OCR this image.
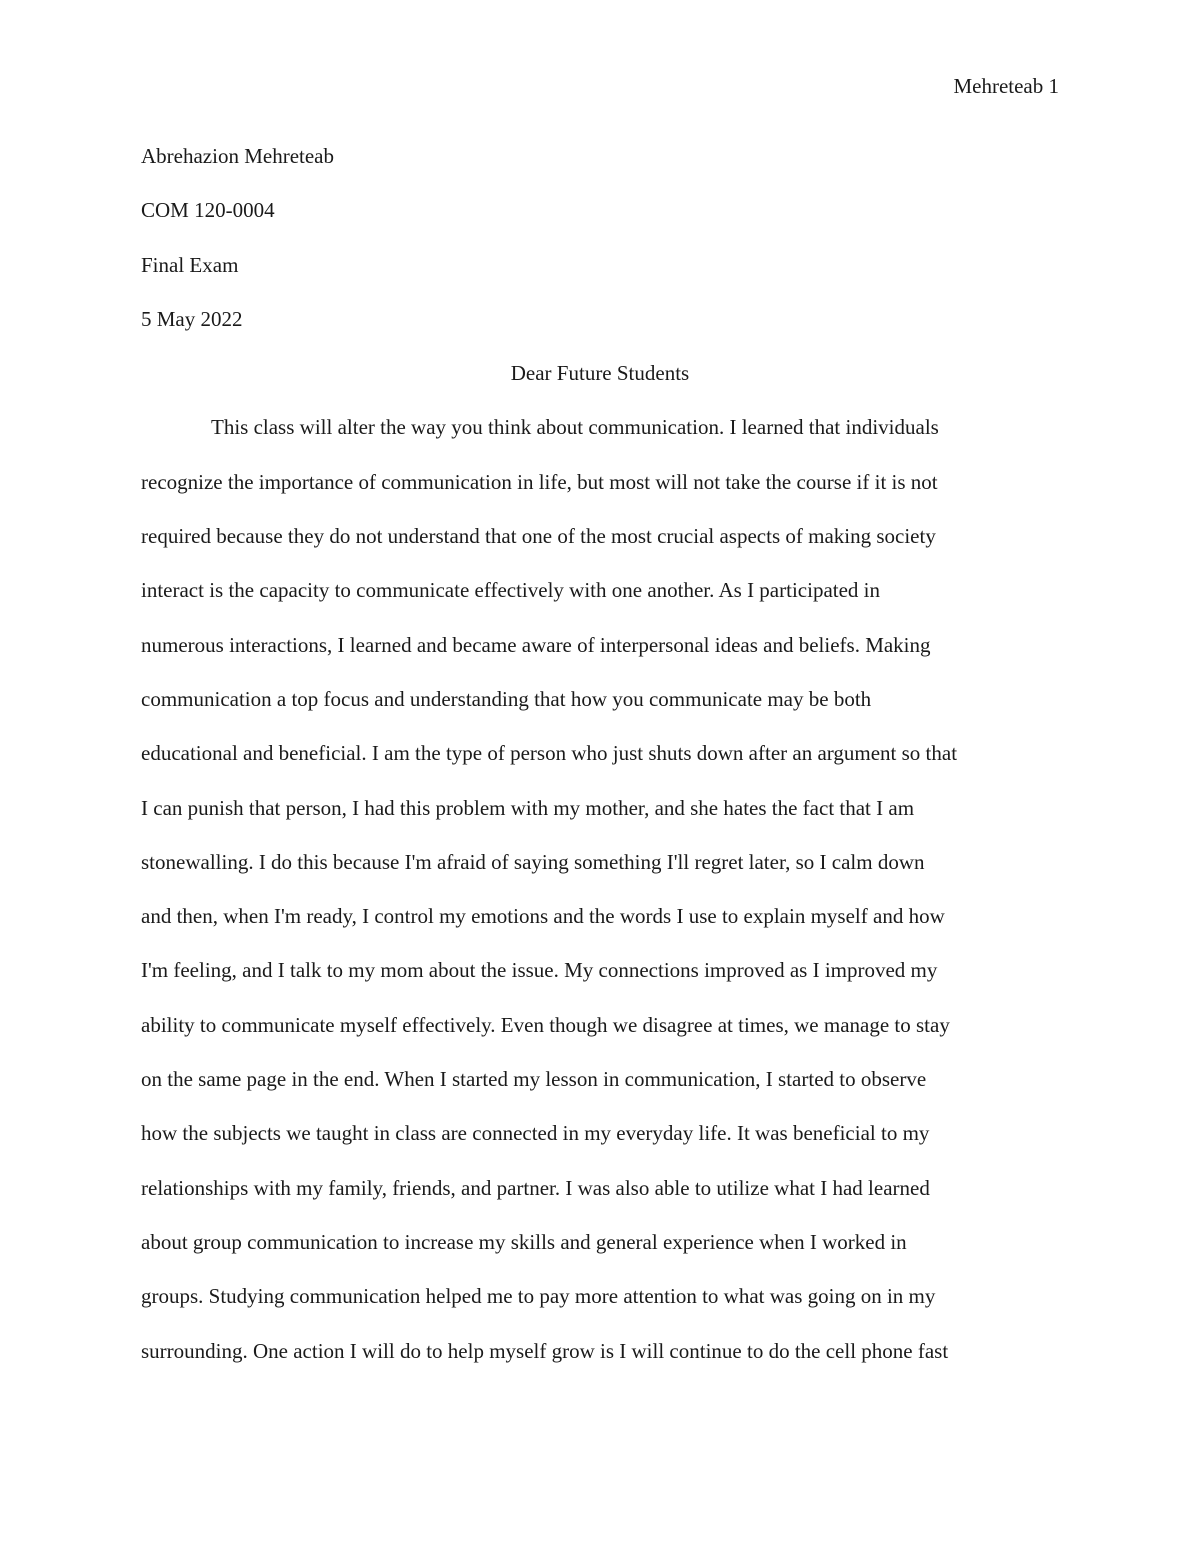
Mehreteab 1
Abrehazion Mehreteab
COM 120-0004
Final Exam
5 May 2022
Dear Future Students
This class will alter the way you think about communication. I learned that individuals
recognize the importance of communication in life, but most will not take the course if it is not
required because they do not understand that one of the most crucial aspects of making society
interact is the capacity to communicate effectively with one another. As I participated in
numerous interactions, I learned and became aware of interpersonal ideas and beliefs. Making
communication a top focus and understanding that how you communicate may be both
educational and beneficial. I am the type of person who just shuts down after an argument so that
I can punish that person, I had this problem with my mother, and she hates the fact that I am
stonewalling. I do this because I'm afraid of saying something I'll regret later, so I calm down
and then, when I'm ready, I control my emotions and the words I use to explain myself and how
I'm feeling, and I talk to my mom about the issue. My connections improved as I improved my
ability to communicate myself effectively. Even though we disagree at times, we manage to stay
on the same page in the end. When I started my lesson in communication, I started to observe
how the subjects we taught in class are connected in my everyday life. It was beneficial to my
relationships with my family, friends, and partner. I was also able to utilize what I had learned
about group communication to increase my skills and general experience when I worked in
groups. Studying communication helped me to pay more attention to what was going on in my
surrounding. One action I will do to help myself grow is I will continue to do the cell phone fast
